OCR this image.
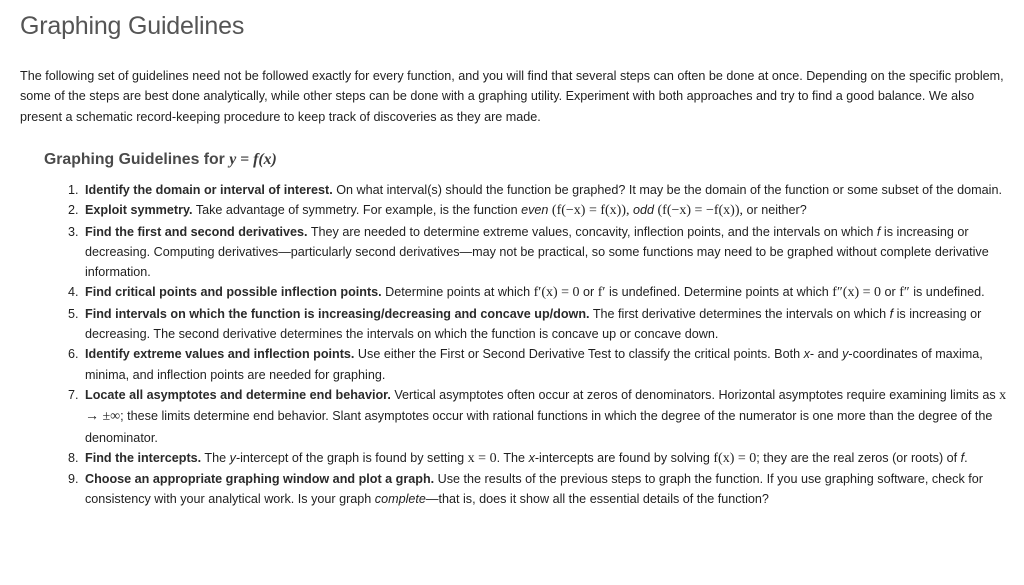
Graphing Guidelines

The following set of guidelines need not be followed exactly for every function, and you will find that several steps can often be done at once. Depending on the specific problem, some of the steps are best done analytically, while other steps can be done with a graphing utility. Experiment with both approaches and try to find a good balance. We also present a schematic record-keeping procedure to keep track of discoveries as they are made.

Graphing Guidelines for y = f(x)
1. Identify the domain or interval of interest. On what interval(s) should the function be graphed? It may be the domain of the function or some subset of the domain.
2. Exploit symmetry. Take advantage of symmetry. For example, is the function even (f(−x) = f(x)), odd (f(−x) = −f(x)), or neither?
3. Find the first and second derivatives. They are needed to determine extreme values, concavity, inflection points, and the intervals on which f is increasing or decreasing. Computing derivatives—particularly second derivatives—may not be practical, so some functions may need to be graphed without complete derivative information.
4. Find critical points and possible inflection points. Determine points at which f′(x) = 0 or f′ is undefined. Determine points at which f″(x) = 0 or f″ is undefined.
5. Find intervals on which the function is increasing/decreasing and concave up/down. The first derivative determines the intervals on which f is increasing or decreasing. The second derivative determines the intervals on which the function is concave up or concave down.
6. Identify extreme values and inflection points. Use either the First or Second Derivative Test to classify the critical points. Both x- and y-coordinates of maxima, minima, and inflection points are needed for graphing.
7. Locate all asymptotes and determine end behavior. Vertical asymptotes often occur at zeros of denominators. Horizontal asymptotes require examining limits as x → ±∞; these limits determine end behavior. Slant asymptotes occur with rational functions in which the degree of the numerator is one more than the degree of the denominator.
8. Find the intercepts. The y-intercept of the graph is found by setting x = 0. The x-intercepts are found by solving f(x) = 0; they are the real zeros (or roots) of f.
9. Choose an appropriate graphing window and plot a graph. Use the results of the previous steps to graph the function. If you use graphing software, check for consistency with your analytical work. Is your graph complete—that is, does it show all the essential details of the function?
